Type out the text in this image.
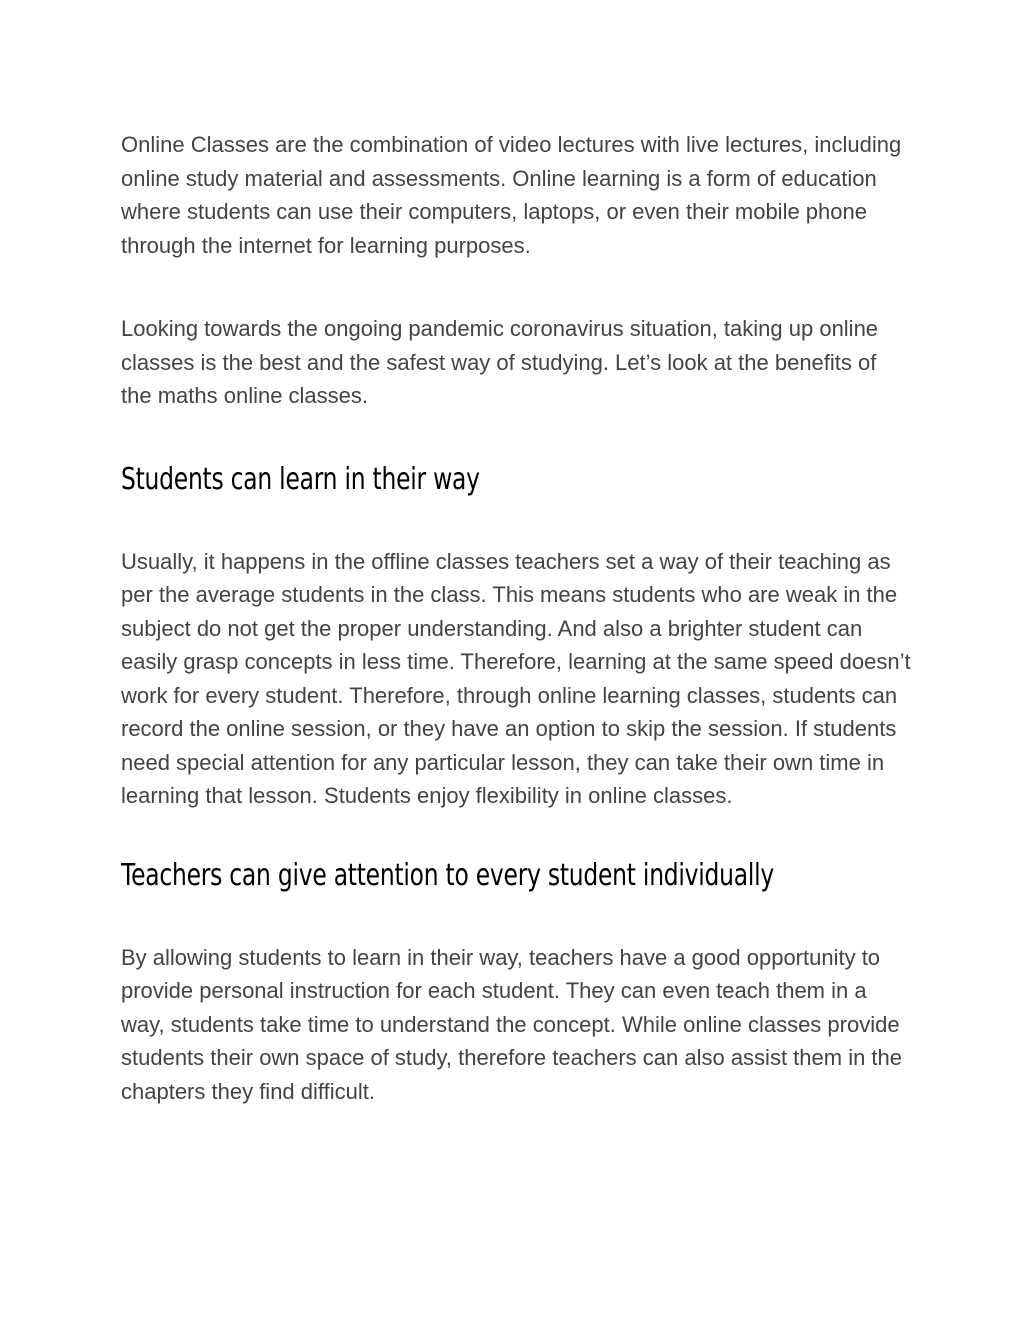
Online Classes are the combination of video lectures with live lectures, including online study material and assessments. Online learning is a form of education where students can use their computers, laptops, or even their mobile phone through the internet for learning purposes.

Looking towards the ongoing pandemic coronavirus situation, taking up online classes is the best and the safest way of studying. Let’s look at the benefits of the maths online classes.

Students can learn in their way

Usually, it happens in the offline classes teachers set a way of their teaching as per the average students in the class. This means students who are weak in the subject do not get the proper understanding. And also a brighter student can easily grasp concepts in less time. Therefore, learning at the same speed doesn’t work for every student. Therefore, through online learning classes, students can record the online session, or they have an option to skip the session. If students need special attention for any particular lesson, they can take their own time in learning that lesson. Students enjoy flexibility in online classes.

Teachers can give attention to every student individually

By allowing students to learn in their way, teachers have a good opportunity to provide personal instruction for each student. They can even teach them in a way, students take time to understand the concept. While online classes provide students their own space of study, therefore teachers can also assist them in the chapters they find difficult.
